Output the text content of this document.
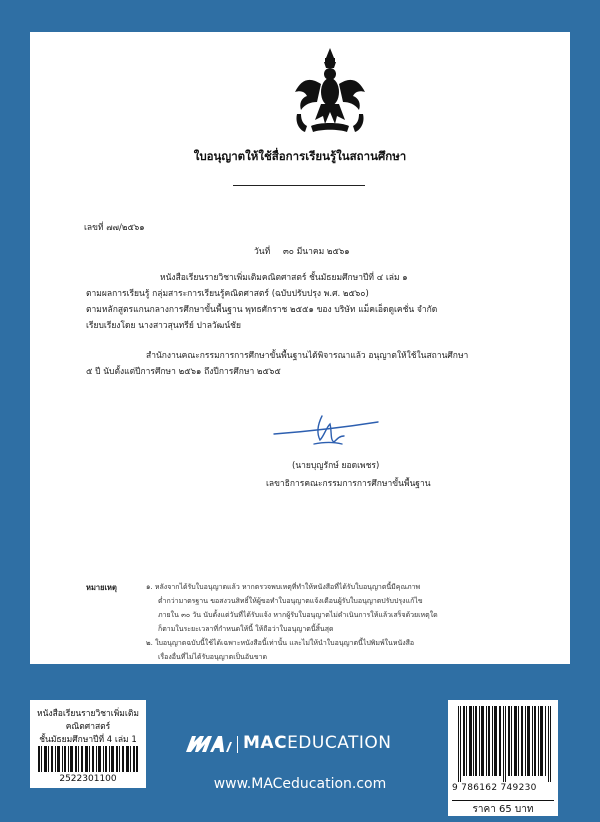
ใบอนุญาตให้ใช้สื่อการเรียนรู้ในสถานศึกษา
เลขที่ ๗๗/๒๕๖๑
วันที่ ๓๐ มีนาคม ๒๕๖๑
หนังสือเรียนรายวิชาเพิ่มเติมคณิตศาสตร์ ชั้นมัธยมศึกษาปีที่ ๔ เล่ม ๑
ตามผลการเรียนรู้ กลุ่มสาระการเรียนรู้คณิตศาสตร์ (ฉบับปรับปรุง พ.ศ. ๒๕๖๐)
ตามหลักสูตรแกนกลางการศึกษาขั้นพื้นฐาน พุทธศักราช ๒๕๕๑ ของ บริษัท แม็คเอ็ดดูเคชั่น จำกัด
เรียบเรียงโดย นางสาวสุนทรีย์ ปาลวัฒน์ชัย
สำนักงานคณะกรรมการการศึกษาขั้นพื้นฐานได้พิจารณาแล้ว อนุญาตให้ใช้ในสถานศึกษา
๕ ปี นับตั้งแต่ปีการศึกษา ๒๕๖๑ ถึงปีการศึกษา ๒๕๖๕
(นายบุญรักษ์ ยอดเพชร)
เลขาธิการคณะกรรมการการศึกษาขั้นพื้นฐาน
หมายเหตุ	๑. หลังจากได้รับใบอนุญาตแล้ว หากตรวจพบเหตุที่ทำให้หนังสือที่ได้รับใบอนุญาตนี้มีคุณภาพ
ต่ำกว่ามาตรฐาน ขอสงวนสิทธิ์ให้ผู้ขอทำใบอนุญาตแจ้งเตือนผู้รับใบอนุญาตปรับปรุงแก้ไข
ภายใน ๓๐ วัน นับตั้งแต่วันที่ได้รับแจ้ง หากผู้รับใบอนุญาตไม่ดำเนินการให้แล้วเสร็จด้วยเหตุใด
ก็ตามในระยะเวลาที่กำหนดให้นี้ ให้ถือว่าใบอนุญาตนี้สิ้นสุด
๒. ใบอนุญาตฉบับนี้ใช้ได้เฉพาะหนังสือนี้เท่านั้น และไม่ให้นำใบอนุญาตนี้ไปพิมพ์ในหนังสือ
เรื่องอื่นที่ไม่ได้รับอนุญาตเป็นอันขาด
หนังสือเรียนรายวิชาเพิ่มเติม
คณิตศาสตร์
ชั้นมัธยมศึกษาปีที่ 4 เล่ม 1
2522301100
MACEDUCATION
www.MACeducation.com	9 786162 749230
ราคา 65 บาท
